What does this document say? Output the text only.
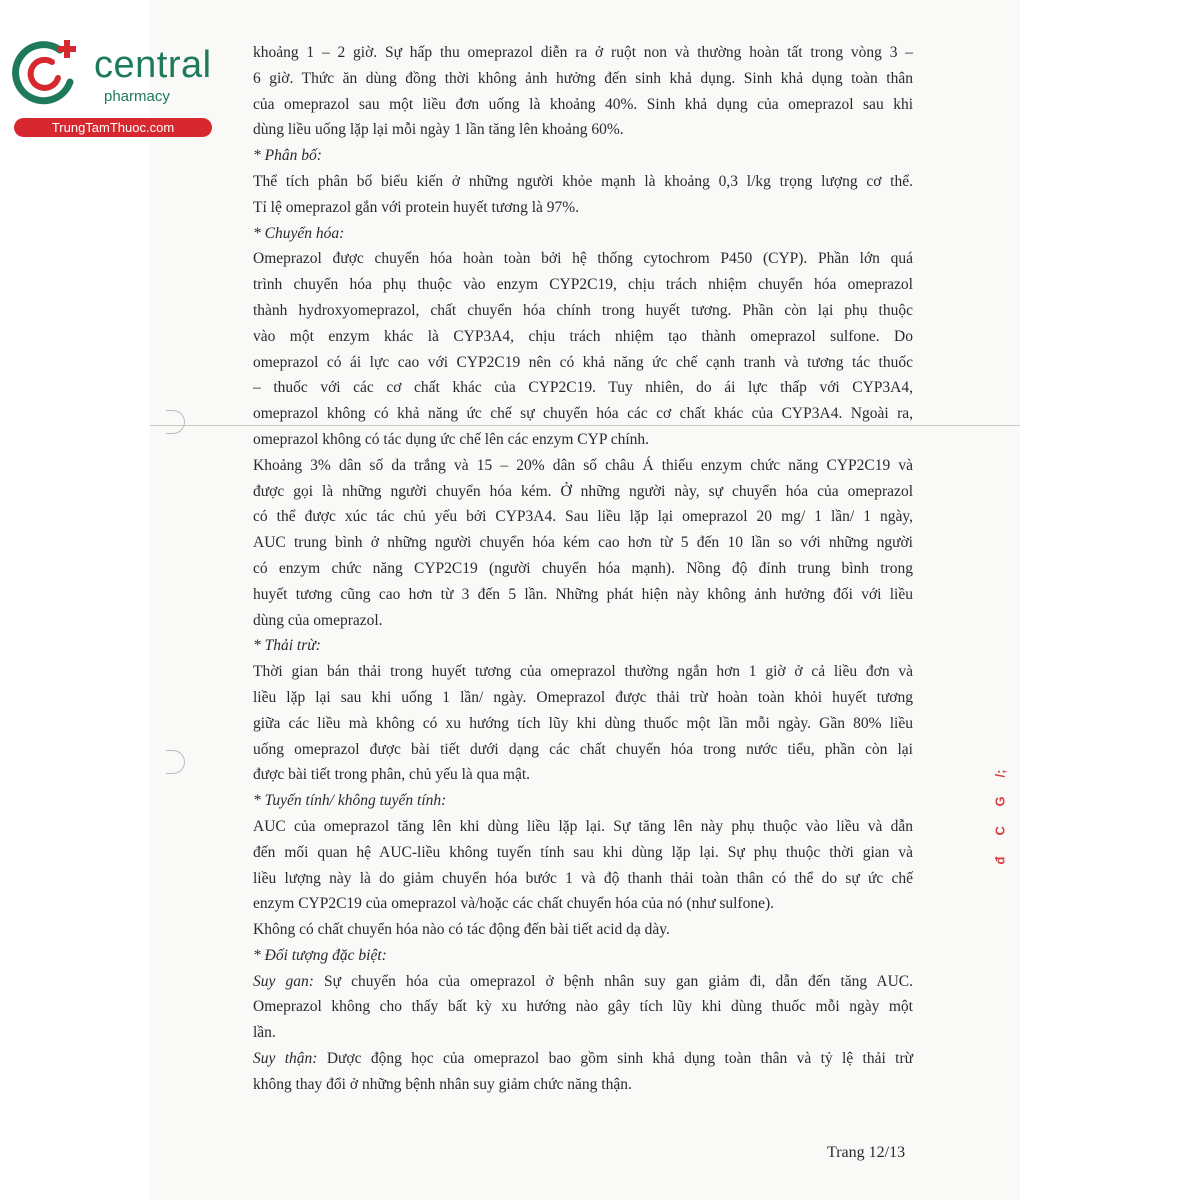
central
pharmacy
TrungTamThuoc.com

khoảng 1 – 2 giờ. Sự hấp thu omeprazol diễn ra ở ruột non và thường hoàn tất trong vòng 3 –

6 giờ. Thức ăn dùng đồng thời không ảnh hưởng đến sinh khả dụng. Sinh khả dụng toàn thân

của omeprazol sau một liều đơn uống là khoảng 40%. Sinh khả dụng của omeprazol sau khi

dùng liều uống lặp lại mỗi ngày 1 lần tăng lên khoảng 60%.

* Phân bố:

Thể tích phân bố biểu kiến ở những người khỏe mạnh là khoảng 0,3 l/kg trọng lượng cơ thể.

Tỉ lệ omeprazol gắn với protein huyết tương là 97%.

* Chuyển hóa:

Omeprazol được chuyển hóa hoàn toàn bởi hệ thống cytochrom P450 (CYP). Phần lớn quá

trình chuyển hóa phụ thuộc vào enzym CYP2C19, chịu trách nhiệm chuyển hóa omeprazol

thành hydroxyomeprazol, chất chuyển hóa chính trong huyết tương. Phần còn lại phụ thuộc

vào một enzym khác là CYP3A4, chịu trách nhiệm tạo thành omeprazol sulfone. Do

omeprazol có ái lực cao với CYP2C19 nên có khả năng ức chế cạnh tranh và tương tác thuốc

– thuốc với các cơ chất khác của CYP2C19. Tuy nhiên, do ái lực thấp với CYP3A4,

omeprazol không có khả năng ức chế sự chuyển hóa các cơ chất khác của CYP3A4. Ngoài ra,

omeprazol không có tác dụng ức chế lên các enzym CYP chính.

Khoảng 3% dân số da trắng và 15 – 20% dân số châu Á thiếu enzym chức năng CYP2C19 và

được gọi là những người chuyển hóa kém. Ở những người này, sự chuyển hóa của omeprazol

có thể được xúc tác chủ yếu bởi CYP3A4. Sau liều lặp lại omeprazol 20 mg/ 1 lần/ 1 ngày,

AUC trung bình ở những người chuyển hóa kém cao hơn từ 5 đến 10 lần so với những người

có enzym chức năng CYP2C19 (người chuyển hóa mạnh). Nồng độ đỉnh trung bình trong

huyết tương cũng cao hơn từ 3 đến 5 lần. Những phát hiện này không ảnh hưởng đối với liều

dùng của omeprazol.

* Thải trừ:

Thời gian bán thải trong huyết tương của omeprazol thường ngắn hơn 1 giờ ở cả liều đơn và

liều lặp lại sau khi uống 1 lần/ ngày. Omeprazol được thải trừ hoàn toàn khỏi huyết tương

giữa các liều mà không có xu hướng tích lũy khi dùng thuốc một lần mỗi ngày. Gần 80% liều

uống omeprazol được bài tiết dưới dạng các chất chuyển hóa trong nước tiểu, phần còn lại

được bài tiết trong phân, chủ yếu là qua mật.

* Tuyến tính/ không tuyến tính:

AUC của omeprazol tăng lên khi dùng liều lặp lại. Sự tăng lên này phụ thuộc vào liều và dẫn

đến mối quan hệ AUC-liều không tuyến tính sau khi dùng lặp lại. Sự phụ thuộc thời gian và

liều lượng này là do giảm chuyển hóa bước 1 và độ thanh thải toàn thân có thể do sự ức chế

enzym CYP2C19 của omeprazol và/hoặc các chất chuyển hóa của nó (như sulfone).

Không có chất chuyển hóa nào có tác động đến bài tiết acid dạ dày.

* Đối tượng đặc biệt:

Suy gan: Sự chuyển hóa của omeprazol ở bệnh nhân suy gan giảm đi, dẫn đến tăng AUC.

Omeprazol không cho thấy bất kỳ xu hướng nào gây tích lũy khi dùng thuốc mỗi ngày một

lần.

Suy thận: Dược động học của omeprazol bao gồm sinh khả dụng toàn thân và tỷ lệ thải trừ

không thay đổi ở những bệnh nhân suy giảm chức năng thận.

Trang 12/13
/;
G
C
đ
